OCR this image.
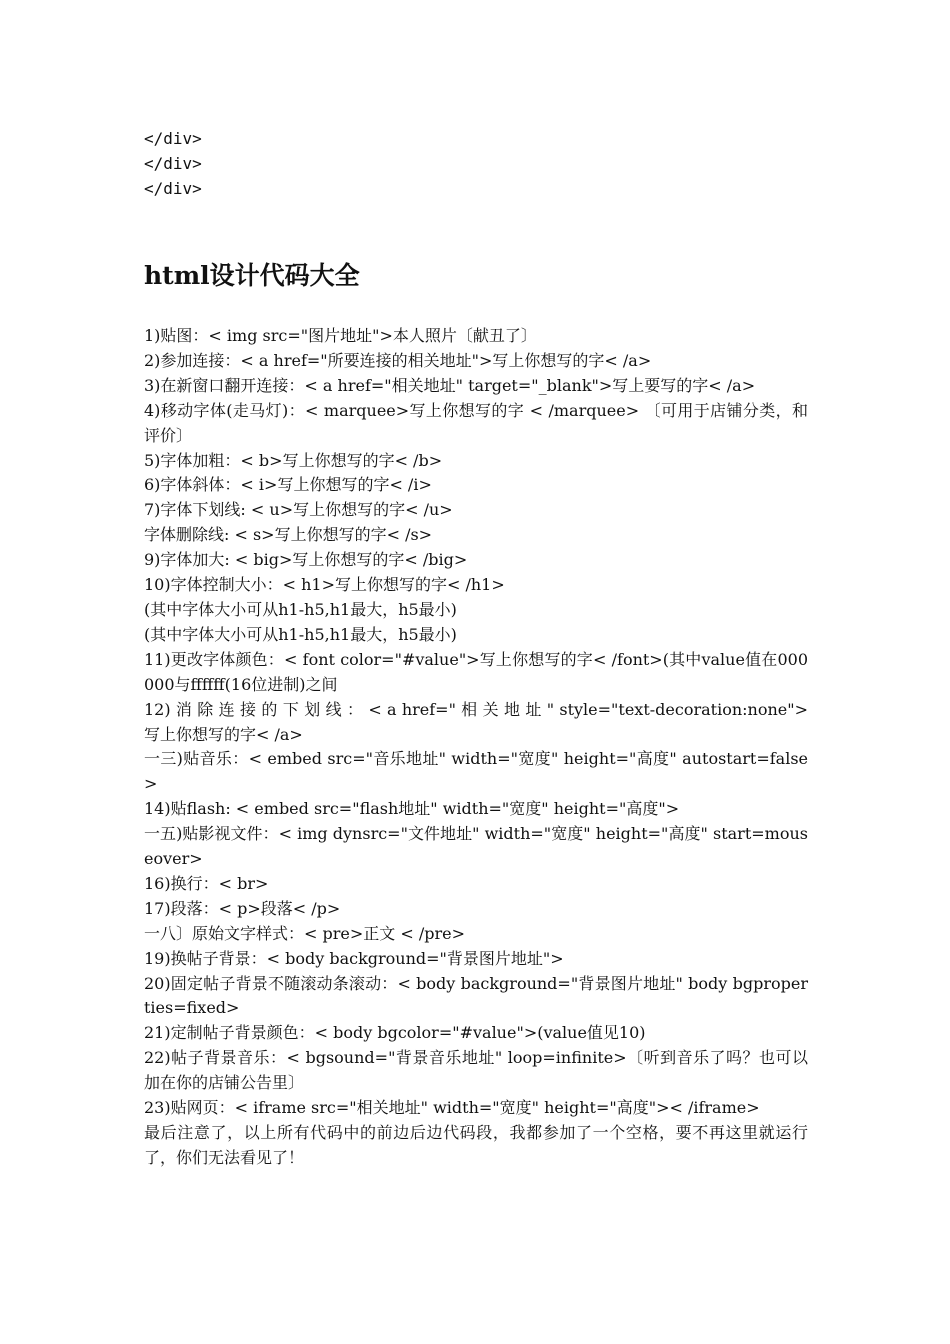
</div>
</div>
</div>
html设计代码大全
1)贴图：< img src="图片地址">本人照片〔献丑了〕
2)参加连接：< a href="所要连接的相关地址">写上你想写的字< /a>
3)在新窗口翻开连接：< a href="相关地址" target="_blank">写上要写的字< /a>
4)移动字体(走马灯)：< marquee>写上你想写的字 < /marquee> 〔可用于店铺分类，和评价〕
5)字体加粗：< b>写上你想写的字< /b>
6)字体斜体：< i>写上你想写的字< /i>
7)字体下划线: < u>写上你想写的字< /u>
字体删除线: < s>写上你想写的字< /s>
9)字体加大: < big>写上你想写的字< /big>
10)字体控制大小：< h1>写上你想写的字< /h1>
(其中字体大小可从h1-h5,h1最大，h5最小)
(其中字体大小可从h1-h5,h1最大，h5最小)
11)更改字体颜色：< font color="#value">写上你想写的字< /font>(其中value值在000000与ffffff(16位进制)之间
12) 消 除 连 接 的 下 划 线 ： < a href=" 相 关 地 址 " style="text-decoration:none">写上你想写的字< /a>
一三)贴音乐：< embed src="音乐地址" width="宽度" height="高度" autostart=false>
14)贴flash: < embed src="flash地址" width="宽度" height="高度">
一五)贴影视文件：< img dynsrc="文件地址" width="宽度" height="高度" start=mouseover>
16)换行：< br>
17)段落：< p>段落< /p>
一八〕原始文字样式：< pre>正文 < /pre>
19)换帖子背景：< body background="背景图片地址">
20)固定帖子背景不随滚动条滚动：< body background="背景图片地址" body bgproperties=fixed>
21)定制帖子背景颜色：< body bgcolor="#value">(value值见10)
22)帖子背景音乐：< bgsound="背景音乐地址" loop=infinite>〔听到音乐了吗？也可以加在你的店铺公告里〕
23)贴网页：< iframe src="相关地址" width="宽度" height="高度">< /iframe>
最后注意了，以上所有代码中的前边后边代码段，我都参加了一个空格，要不再这里就运行了，你们无法看见了！
